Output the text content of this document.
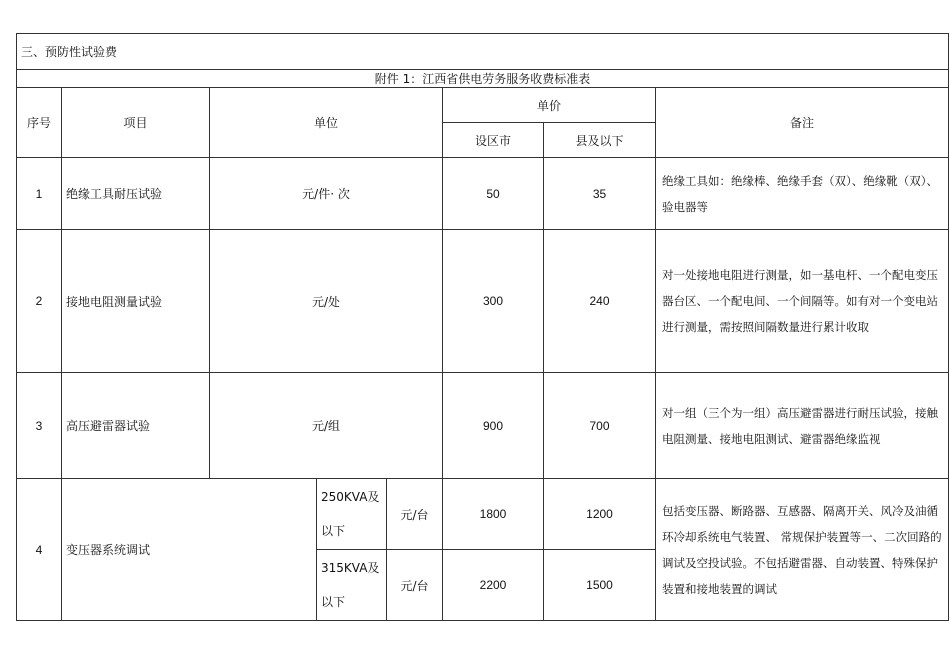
三、预防性试验费							
附件 1：江西省供电劳务服务收费标准表							
序号	项目	单位			单价		备注
					设区市	县及以下	
1	绝缘工具耐压试验	元/件· 次			50	35	绝缘工具如：绝缘棒、绝缘手套（双）、绝缘靴（双）、验电器等
2	接地电阻测量试验	元/处			300	240	对一处接地电阻进行测量，如一基电杆、一个配电变压器台区、一个配电间、一个间隔等。如有对一个变电站进行测量，需按照间隔数量进行累计收取
3	高压避雷器试验	元/组			900	700	对一组（三个为一组）高压避雷器进行耐压试验，接触电阻测量、接地电阻测试、避雷器绝缘监视
4	变压器系统调试		250KVA及以下	元/台	1800	1200	包括变压器、断路器、互感器、隔离开关、风冷及油循环冷却系统电气装置、 常规保护装置等一、二次回路的调试及空投试验。不包括避雷器、自动装置、特殊保护装置和接地装置的调试
			315KVA及以下	元/台	2200	1500	
